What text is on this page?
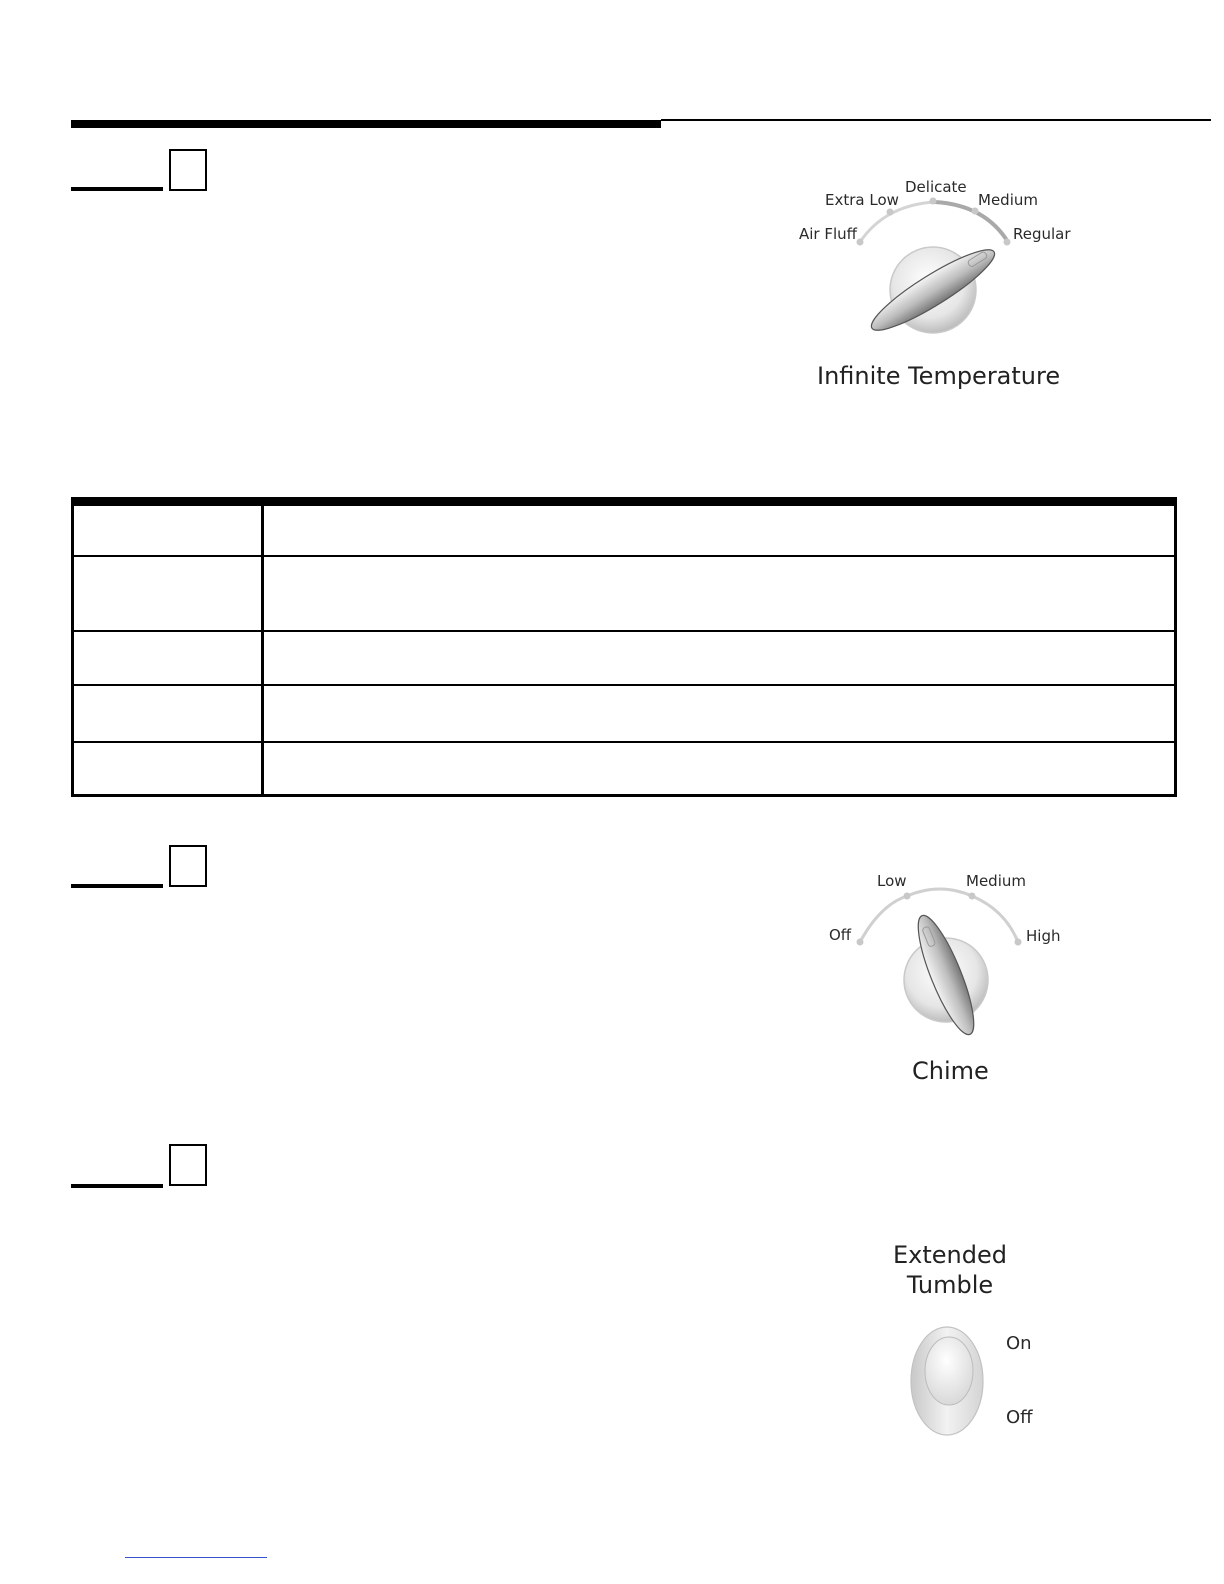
Air Fluff
Extra Low
Delicate
Medium
Regular
Infinite Temperature
Off
Low	Medium
High
Chime
Extended
Tumble
On
Off
